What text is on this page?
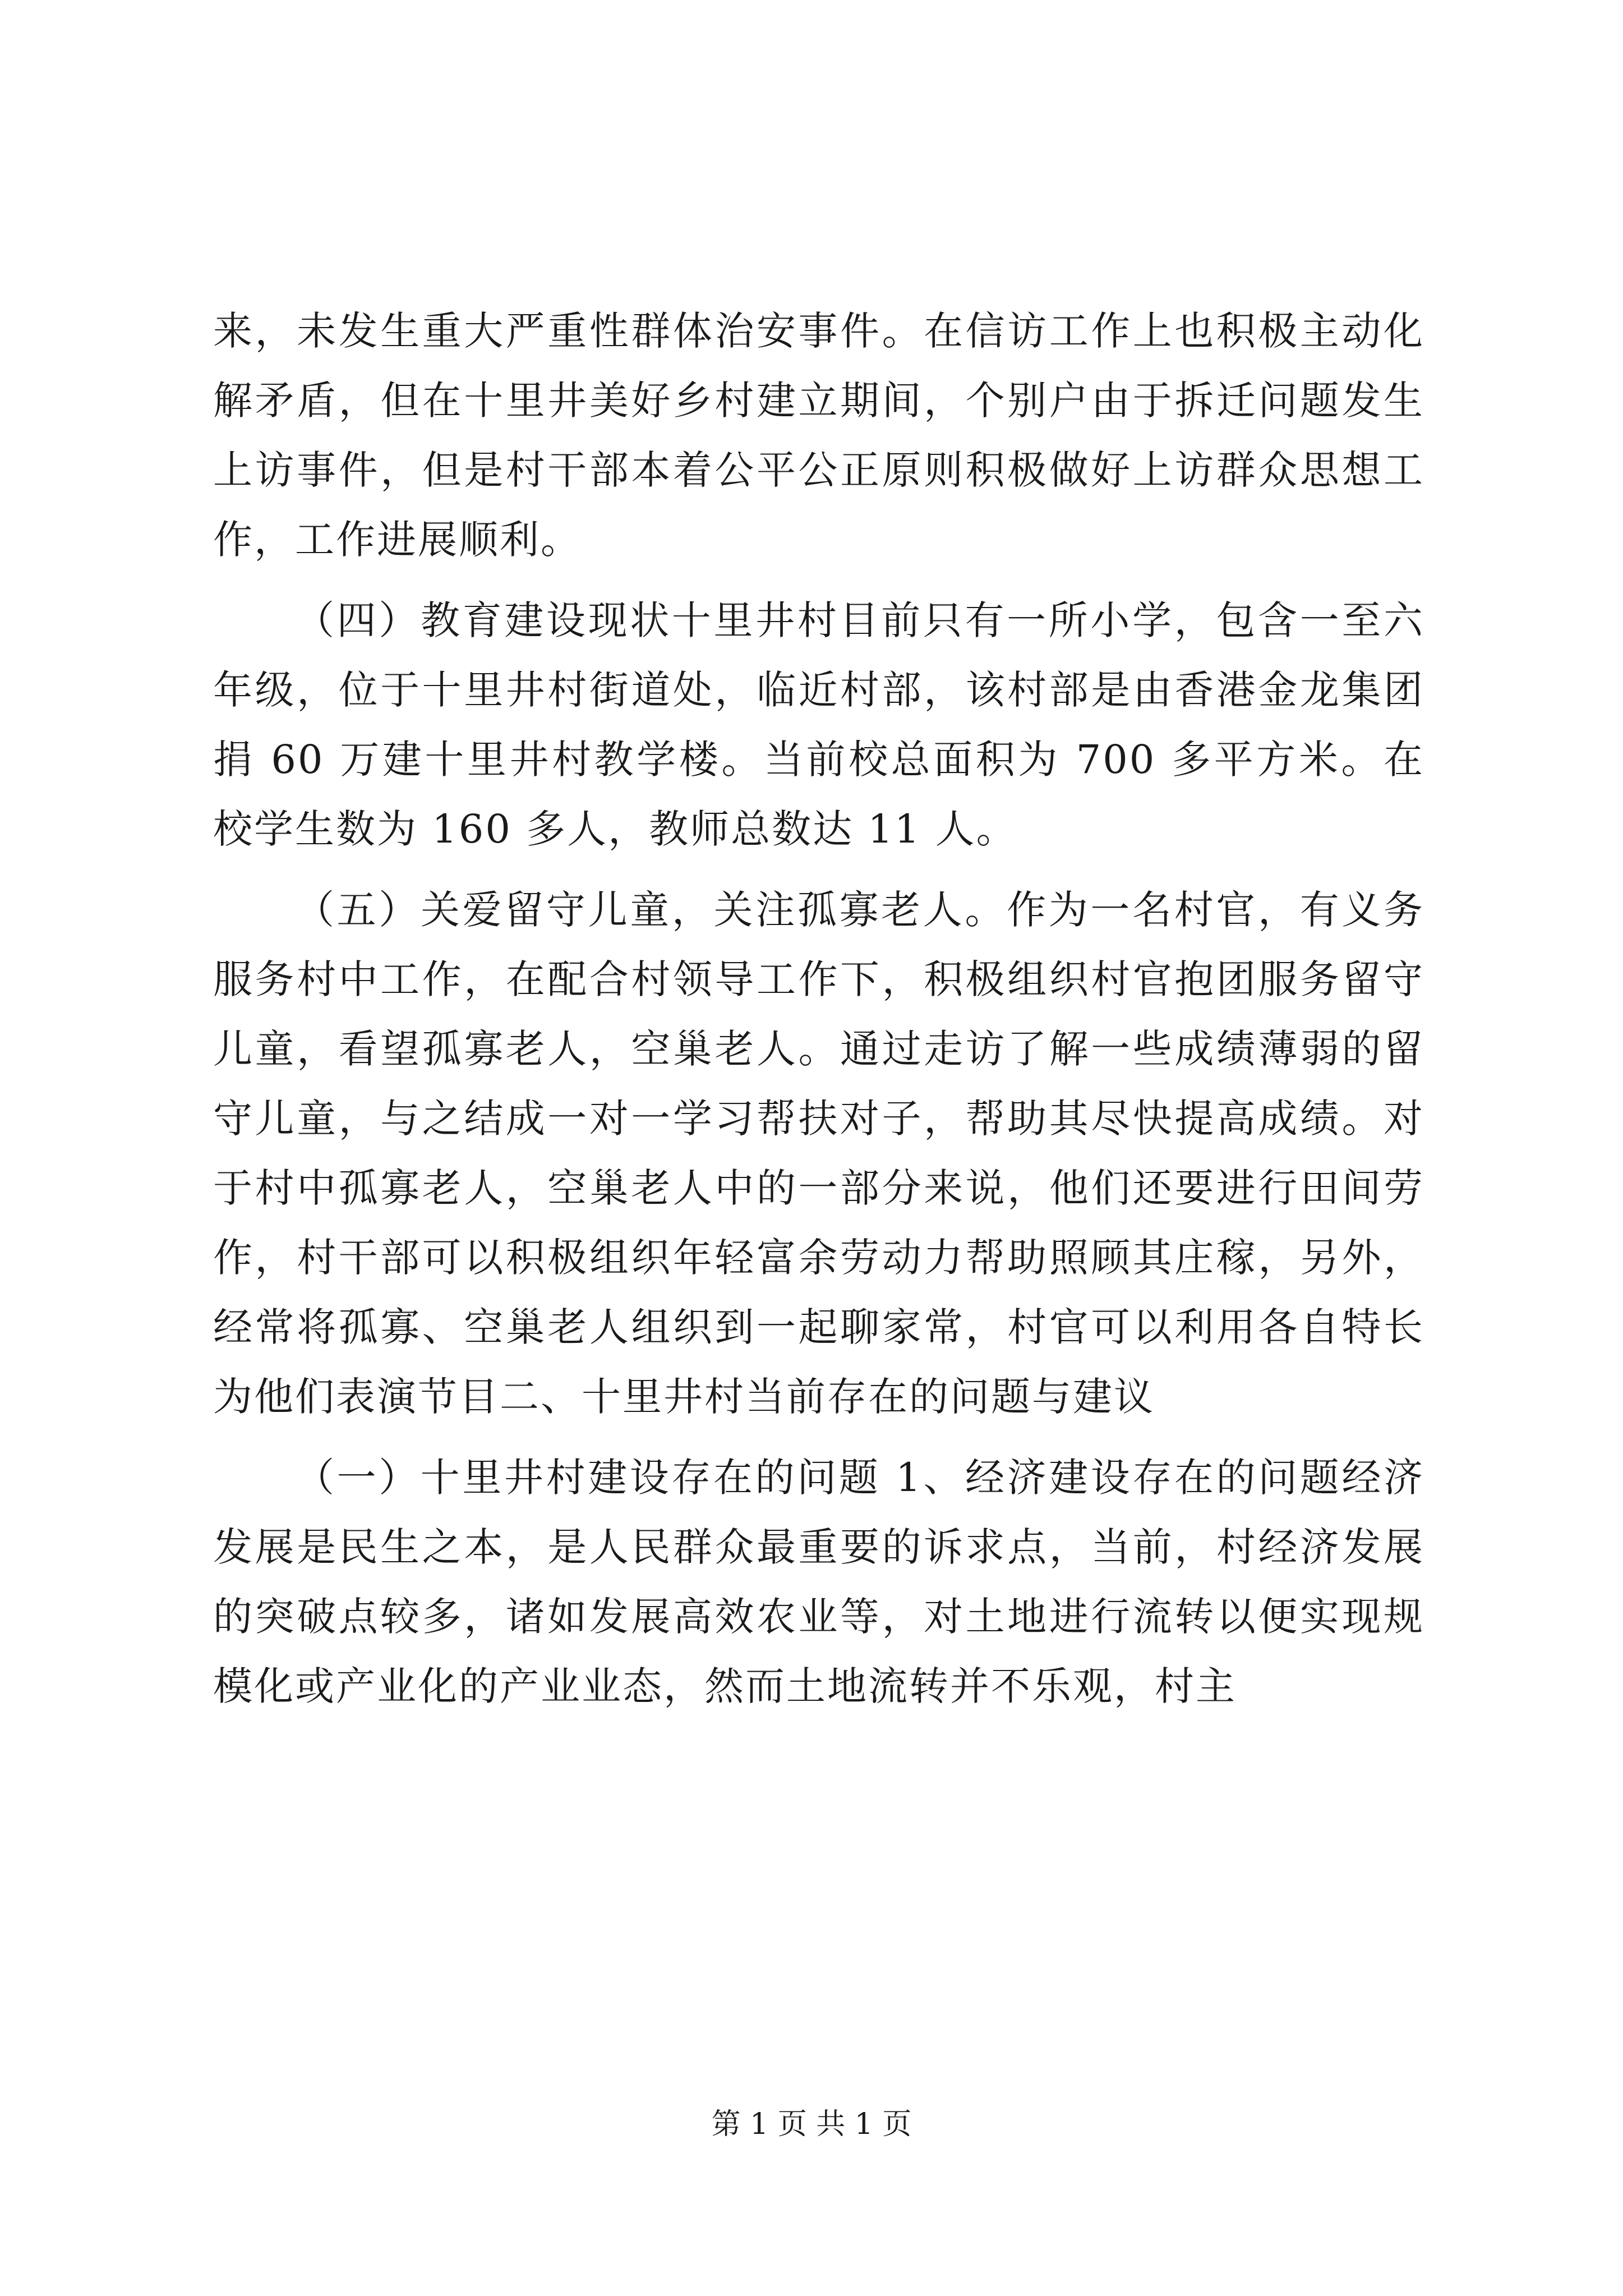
来，未发生重大严重性群体治安事件。在信访工作上也积极主动化解矛盾，但在十里井美好乡村建立期间，个别户由于拆迁问题发生上访事件，但是村干部本着公平公正原则积极做好上访群众思想工作，工作进展顺利。

（四）教育建设现状十里井村目前只有一所小学，包含一至六年级，位于十里井村街道处，临近村部，该村部是由香港金龙集团捐 60 万建十里井村教学楼。当前校总面积为 700 多平方米。在校学生数为 160 多人，教师总数达 11 人。

（五）关爱留守儿童，关注孤寡老人。作为一名村官，有义务服务村中工作，在配合村领导工作下，积极组织村官抱团服务留守儿童，看望孤寡老人，空巢老人。通过走访了解一些成绩薄弱的留守儿童，与之结成一对一学习帮扶对子，帮助其尽快提高成绩。对于村中孤寡老人，空巢老人中的一部分来说，他们还要进行田间劳作，村干部可以积极组织年轻富余劳动力帮助照顾其庄稼，另外，经常将孤寡、空巢老人组织到一起聊家常，村官可以利用各自特长为他们表演节目二、十里井村当前存在的问题与建议

（一）十里井村建设存在的问题 1、经济建设存在的问题经济发展是民生之本，是人民群众最重要的诉求点，当前，村经济发展的突破点较多，诸如发展高效农业等，对土地进行流转以便实现规模化或产业化的产业业态，然而土地流转并不乐观，村主

第 1 页 共 1 页
